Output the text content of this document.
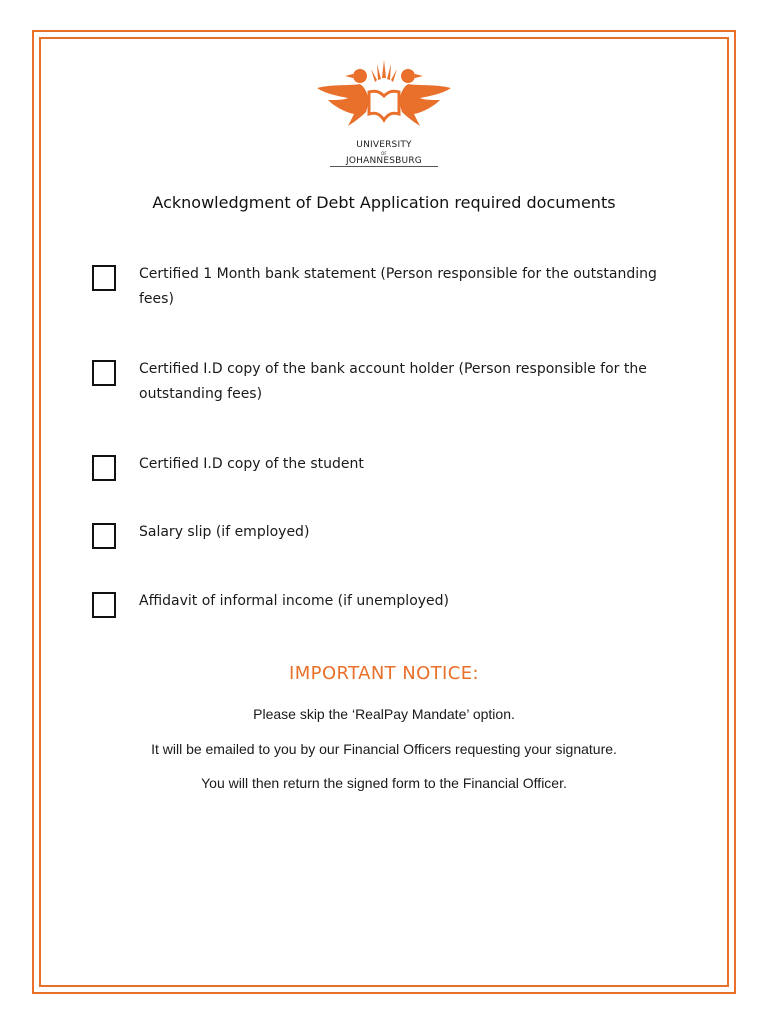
UNIVERSITY
OF
JOHANNESBURG
Acknowledgment of Debt Application required documents
Certified 1 Month bank statement (Person responsible for the outstanding fees)
Certified I.D copy of the bank account holder (Person responsible for the outstanding fees)
Certified I.D copy of the student
Salary slip (if employed)
Affidavit of informal income (if unemployed)
IMPORTANT NOTICE:
Please skip the ‘RealPay Mandate’ option.
It will be emailed to you by our Financial Officers requesting your signature.
You will then return the signed form to the Financial Officer.
